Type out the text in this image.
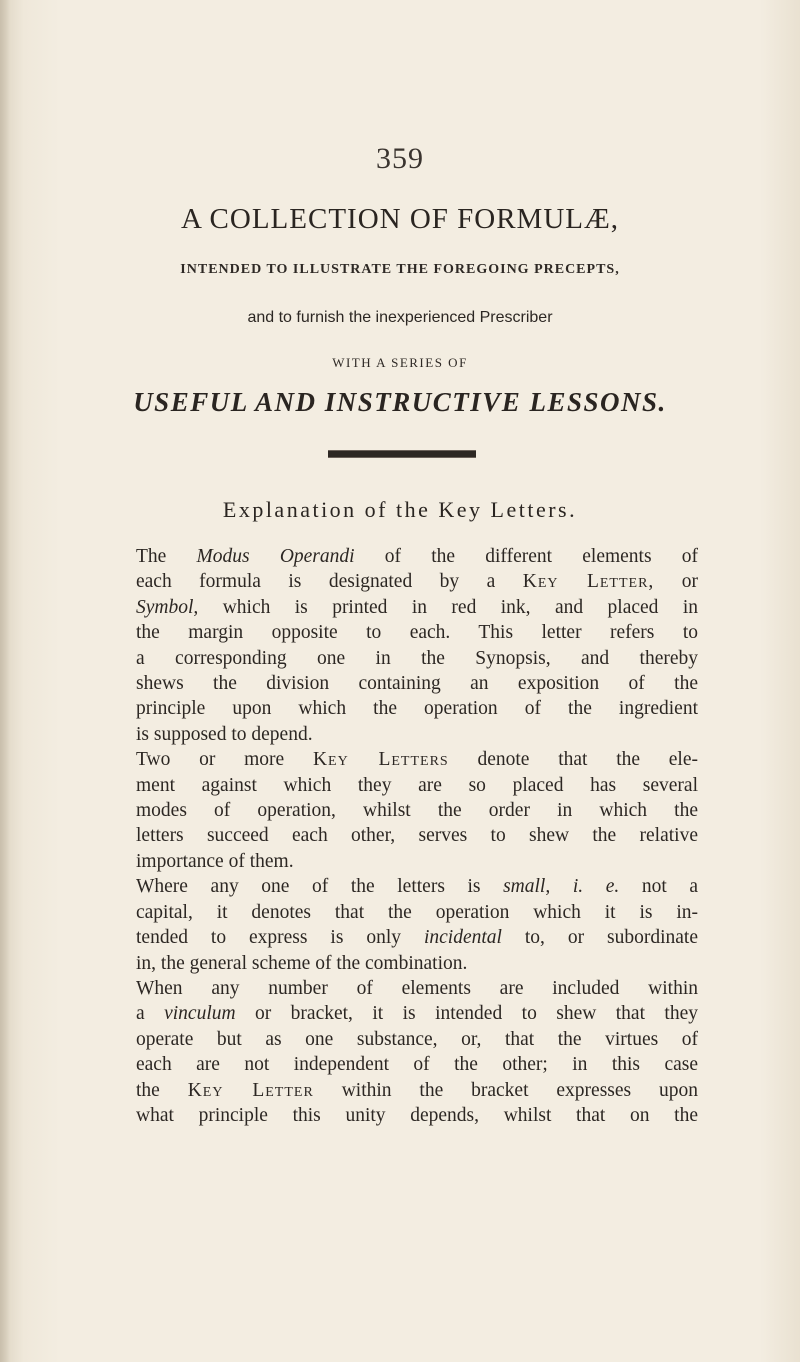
359
A COLLECTION OF FORMULÆ,
INTENDED TO ILLUSTRATE THE FOREGOING PRECEPTS,
and to furnish the inexperienced Prescriber
WITH A SERIES OF
USEFUL AND INSTRUCTIVE LESSONS.
Explanation of the Key Letters.

The Modus Operandi of the different elements of
each formula is designated by a Key Letter, or
Symbol, which is printed in red ink, and placed in
the margin opposite to each. This letter refers to
a corresponding one in the Synopsis, and thereby
shews the division containing an exposition of the
principle upon which the operation of the ingredient
is supposed to depend.

Two or more Key Letters denote that the ele-
ment against which they are so placed has several
modes of operation, whilst the order in which the
letters succeed each other, serves to shew the relative
importance of them.

Where any one of the letters is small, i. e. not a
capital, it denotes that the operation which it is in-
tended to express is only incidental to, or subordinate
in, the general scheme of the combination.

When any number of elements are included within
a vinculum or bracket, it is intended to shew that they
operate but as one substance, or, that the virtues of
each are not independent of the other; in this case
the Key Letter within the bracket expresses upon
what principle this unity depends, whilst that on the
